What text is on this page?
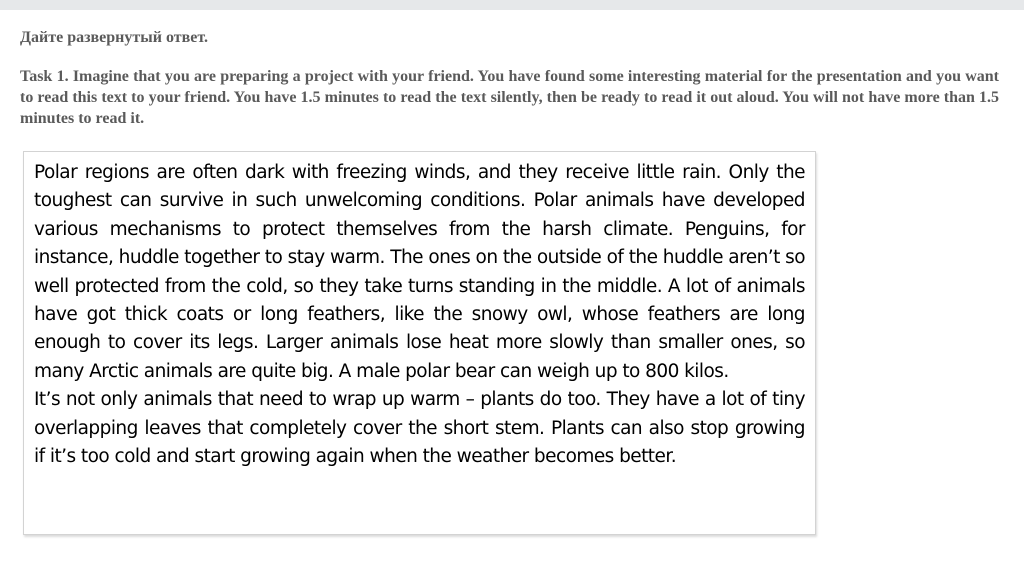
Дайте развернутый ответ.

Task 1. Imagine that you are preparing a project with your friend. You have found some interesting material for the presentation and you want to read this text to your friend. You have 1.5 minutes to read the text silently, then be ready to read it out aloud. You will not have more than 1.5 minutes to read it.

Polar regions are often dark with freezing winds, and they receive little rain. Only the toughest can survive in such unwelcoming conditions. Polar animals have developed various mechanisms to protect themselves from the harsh climate. Penguins, for instance, huddle together to stay warm. The ones on the outside of the huddle aren’t so well protected from the cold, so they take turns standing in the middle. A lot of animals have got thick coats or long feathers, like the snowy owl, whose feathers are long enough to cover its legs. Larger animals lose heat more slowly than smaller ones, so many Arctic animals are quite big. A male polar bear can weigh up to 800 kilos.

It’s not only animals that need to wrap up warm – plants do too. They have a lot of tiny overlapping leaves that completely cover the short stem. Plants can also stop growing if it’s too cold and start growing again when the weather becomes better.
